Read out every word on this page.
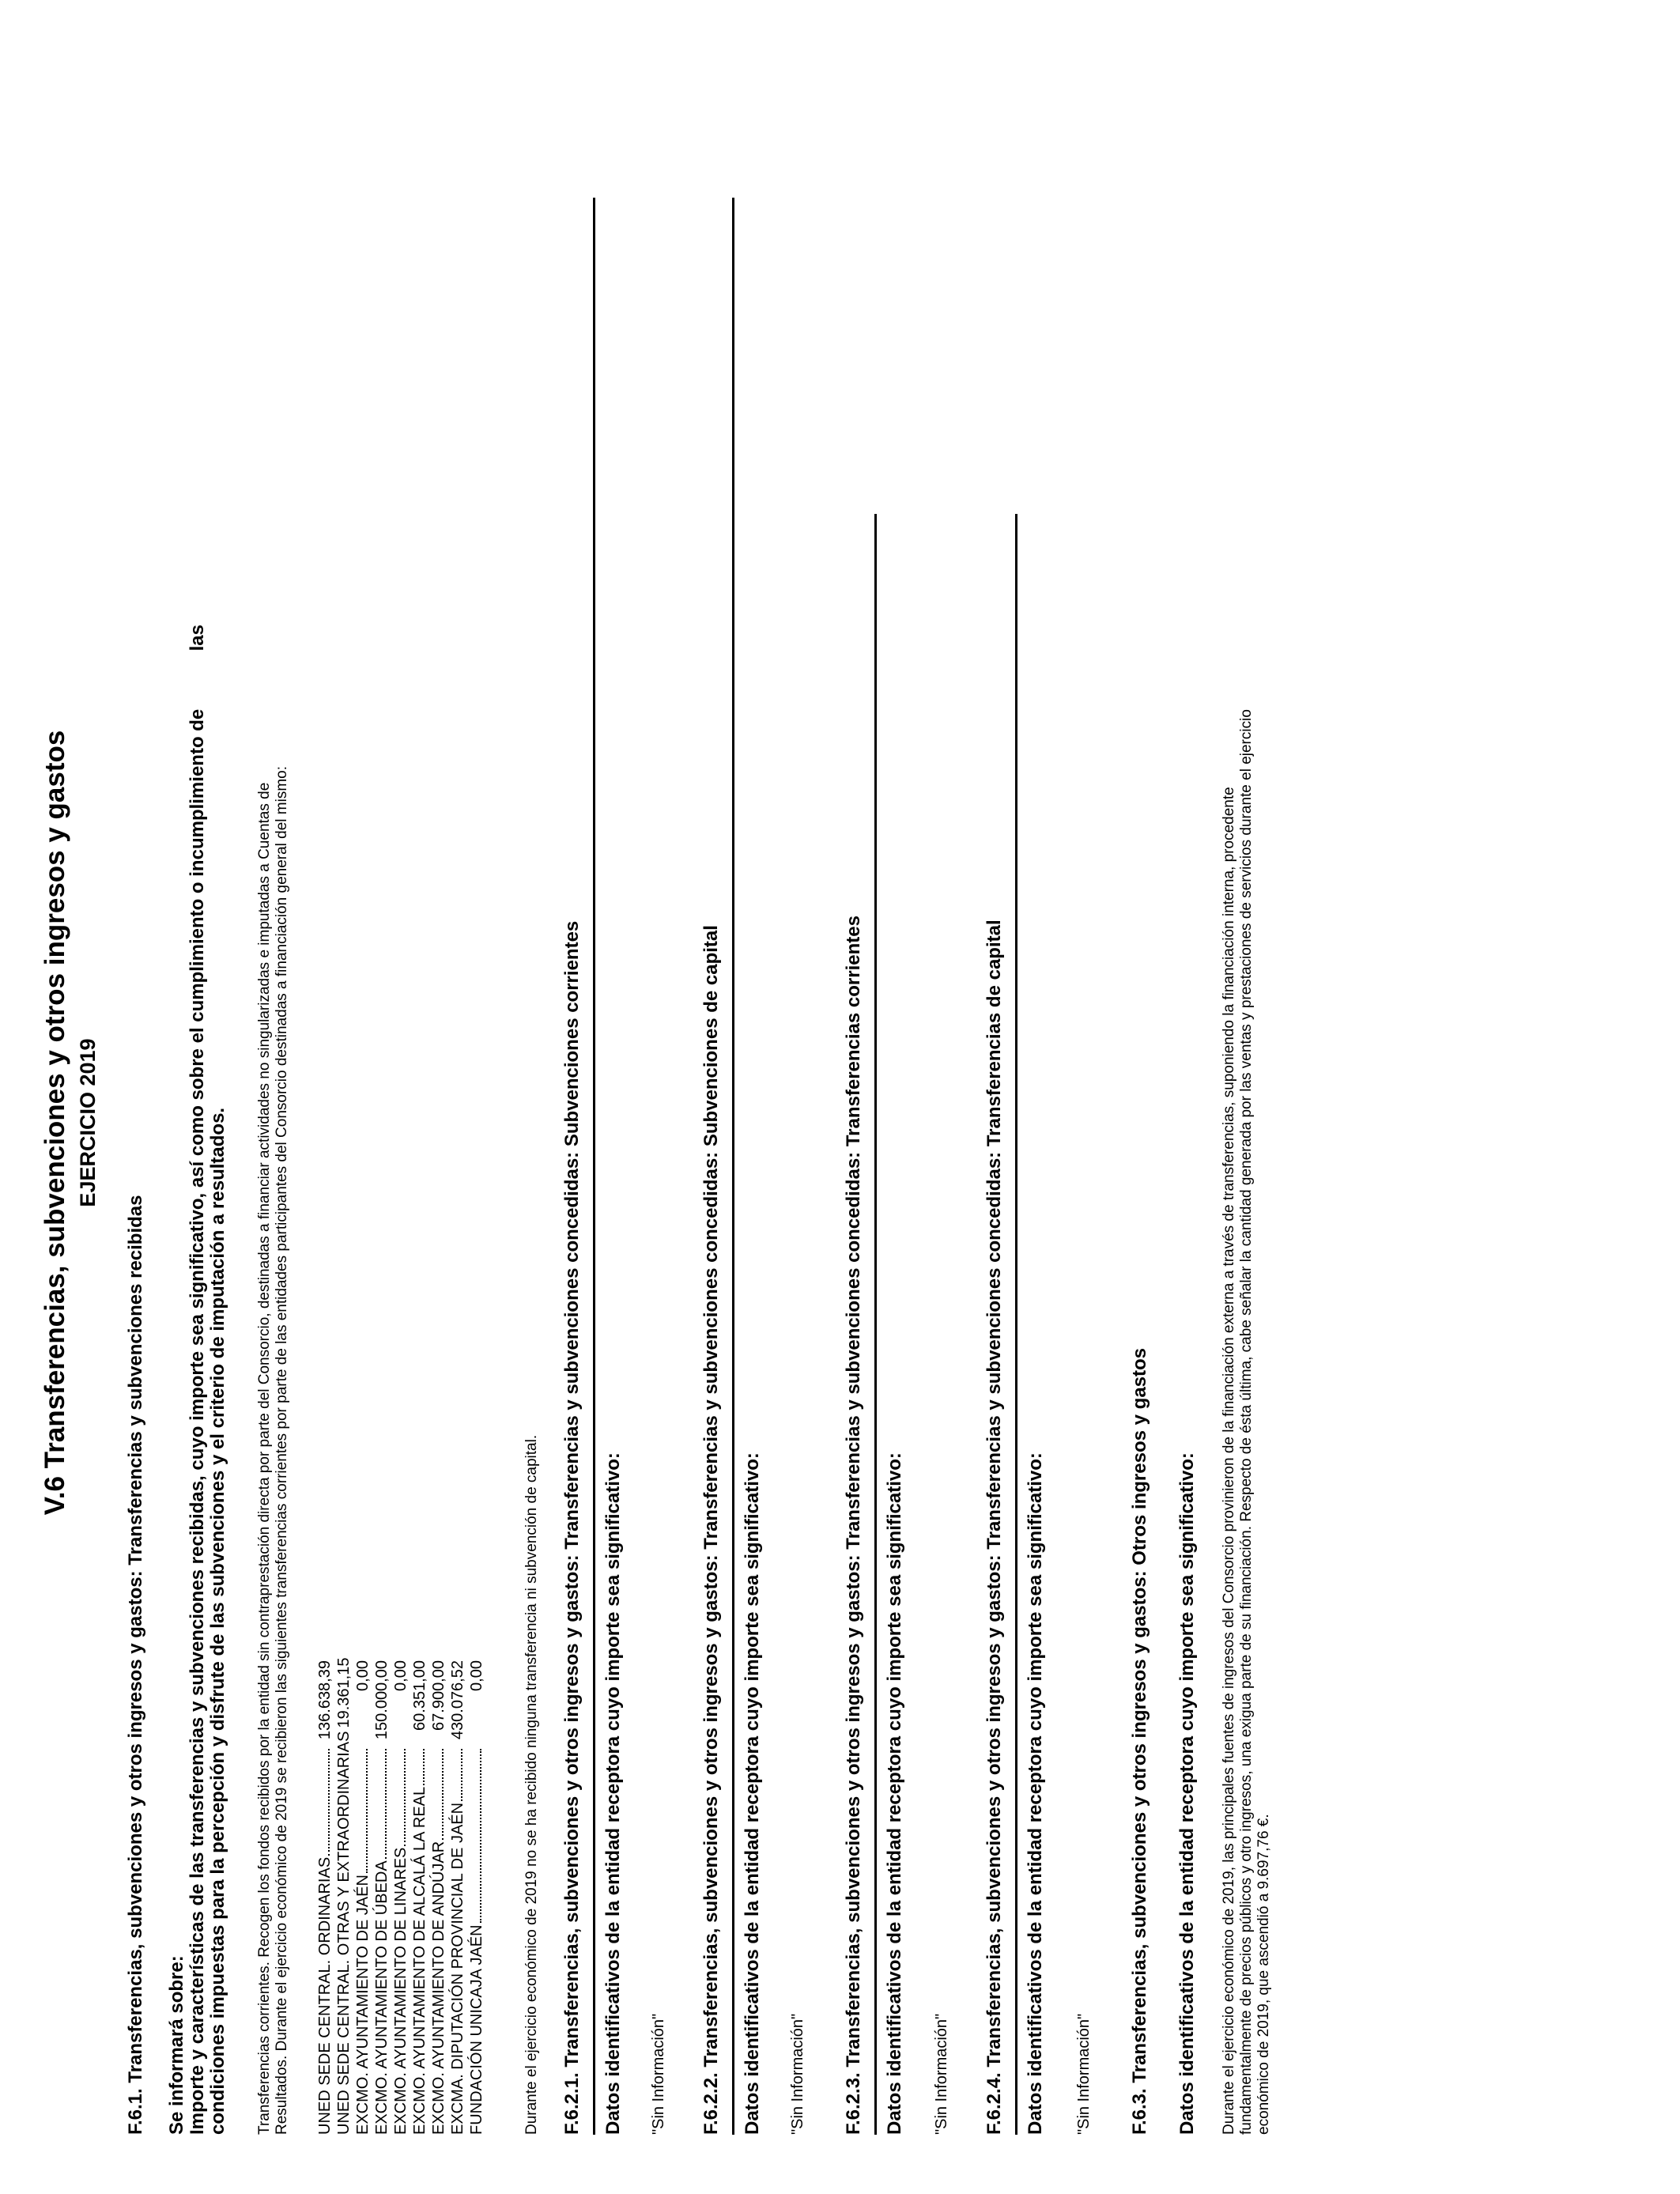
V.6 Transferencias, subvenciones y otros ingresos y gastos EJERCICIO 2019
F.6.1. Transferencias, subvenciones y otros ingresos y gastos: Transferencias y subvenciones recibidas Se informará sobre: Importe y características de las transferencias y subvenciones recibidas, cuyo importe sea significativo, así como sobre el cumplimiento o incumplimiento de           las condiciones impuestas para la percepción y disfrute de las subvenciones y el criterio de imputación a resultados. Transferencias corrientes. Recogen los fondos recibidos por la entidad sin contraprestación directa por parte del Consorcio, destinadas a financiar actividades no singularizadas e imputadas a Cuentas de Resultados. Durante el ejercicio económico de 2019 se recibieron las siguientes transferencias corrientes por parte de las entidades participantes del Consorcio destinadas a financiación general del mismo: UNED SEDE CENTRAL. ORDINARIAS
136.638,39
UNED SEDE CENTRAL. OTRAS Y EXTRAORDINARIAS
19.361,15
EXCMO. AYUNTAMIENTO DE JAÉN
0,00
EXCMO. AYUNTAMIENTO DE ÚBEDA
150.000,00
EXCMO. AYUNTAMIENTO DE LINARES
0,00
EXCMO. AYUNTAMIENTO DE ALCALÁ LA REAL
60.351,00
EXCMO. AYUNTAMIENTO DE ANDÚJAR
67.900,00
EXCMA. DIPUTACIÓN PROVINCIAL DE JAÉN
430.076,52
FUNDACIÓN UNICAJA JAÉN
0,00	Durante el ejercicio económico de 2019 no se ha recibido ninguna transferencia ni subvención de capital. F.6.2.1. Transferencias, subvenciones y otros ingresos y gastos: Transferencias y subvenciones concedidas: Subvenciones corrientes Datos identificativos de la entidad receptora cuyo importe sea significativo: "Sin Información" F.6.2.2. Transferencias, subvenciones y otros ingresos y gastos: Transferencias y subvenciones concedidas: Subvenciones de capital Datos identificativos de la entidad receptora cuyo importe sea significativo: "Sin Información" F.6.2.3. Transferencias, subvenciones y otros ingresos y gastos: Transferencias y subvenciones concedidas: Transferencias corrientes Datos identificativos de la entidad receptora cuyo importe sea significativo: "Sin Información" F.6.2.4. Transferencias, subvenciones y otros ingresos y gastos: Transferencias y subvenciones concedidas: Transferencias de capital Datos identificativos de la entidad receptora cuyo importe sea significativo: "Sin Información" F.6.3. Transferencias, subvenciones y otros ingresos y gastos: Otros ingresos y gastos Datos identificativos de la entidad receptora cuyo importe sea significativo: Durante el ejercicio económico de 2019, las principales fuentes de ingresos del Consorcio provinieron de la financiación externa a través de transferencias, suponiendo la financiación interna, procedente fundamentalmente de precios públicos y otro ingresos, una exigua parte de su financiación. Respecto de ésta última, cabe señalar la cantidad generada por las ventas y prestaciones de servicios durante el ejercicio económico de 2019, que ascendió a 9.697,76 €.
